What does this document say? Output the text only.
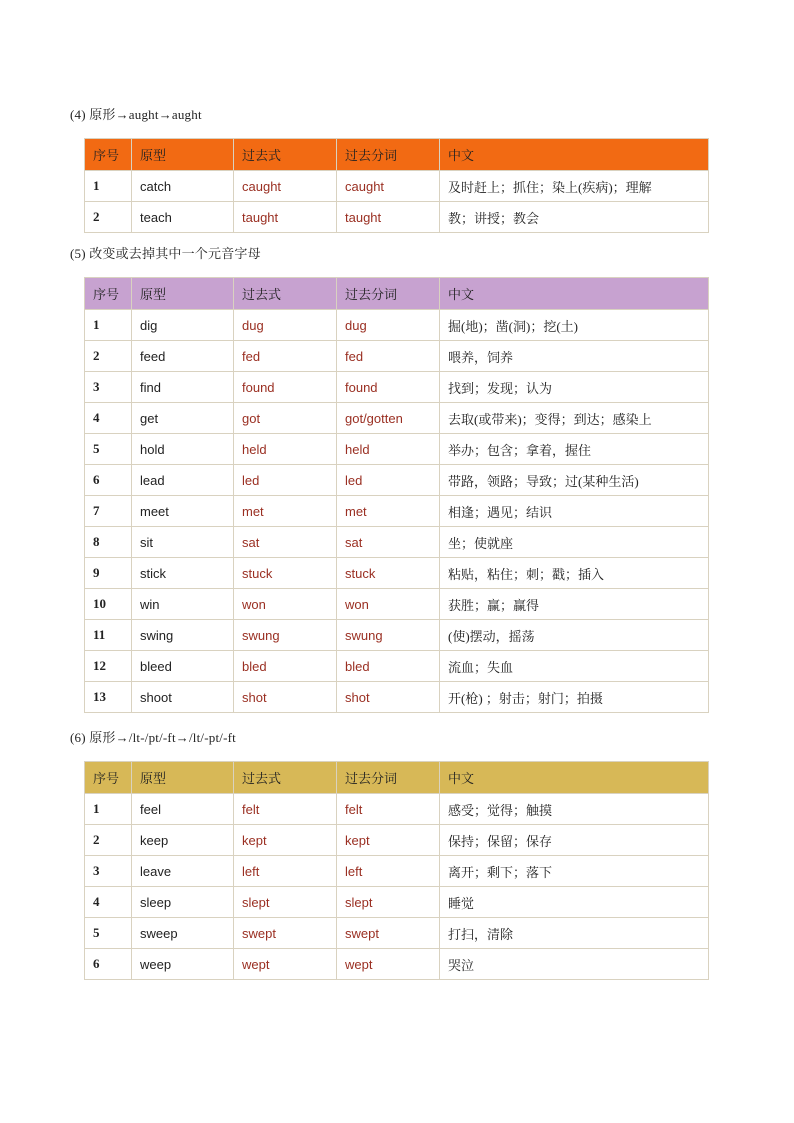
(4) 原形→aught→aught
序号	原型	过去式	过去分词	中文
1	catch	caught	caught	及时赶上；抓住；染上(疾病)；理解
2	teach	taught	taught	教；讲授；教会
(5) 改变或去掉其中一个元音字母
序号	原型	过去式	过去分词	中文
1	dig	dug	dug	掘(地)；凿(洞)；挖(土)
2	feed	fed	fed	喂养，饲养
3	find	found	found	找到；发现；认为
4	get	got	got/gotten	去取(或带来)；变得；到达；感染上
5	hold	held	held	举办；包含；拿着，握住
6	lead	led	led	带路，领路；导致；过(某种生活)
7	meet	met	met	相逢；遇见；结识
8	sit	sat	sat	坐；使就座
9	stick	stuck	stuck	粘贴，粘住；刺；戳；插入
10	win	won	won	获胜；赢；赢得
11	swing	swung	swung	(使)摆动，摇荡
12	bleed	bled	bled	流血；失血
13	shoot	shot	shot	开(枪) ；射击；射门；拍摄
(6) 原形→/lt-/pt/-ft→/lt/-pt/-ft
序号	原型	过去式	过去分词	中文
1	feel	felt	felt	感受；觉得；触摸
2	keep	kept	kept	保持；保留；保存
3	leave	left	left	离开；剩下；落下
4	sleep	slept	slept	睡觉
5	sweep	swept	swept	打扫，清除
6	weep	wept	wept	哭泣
